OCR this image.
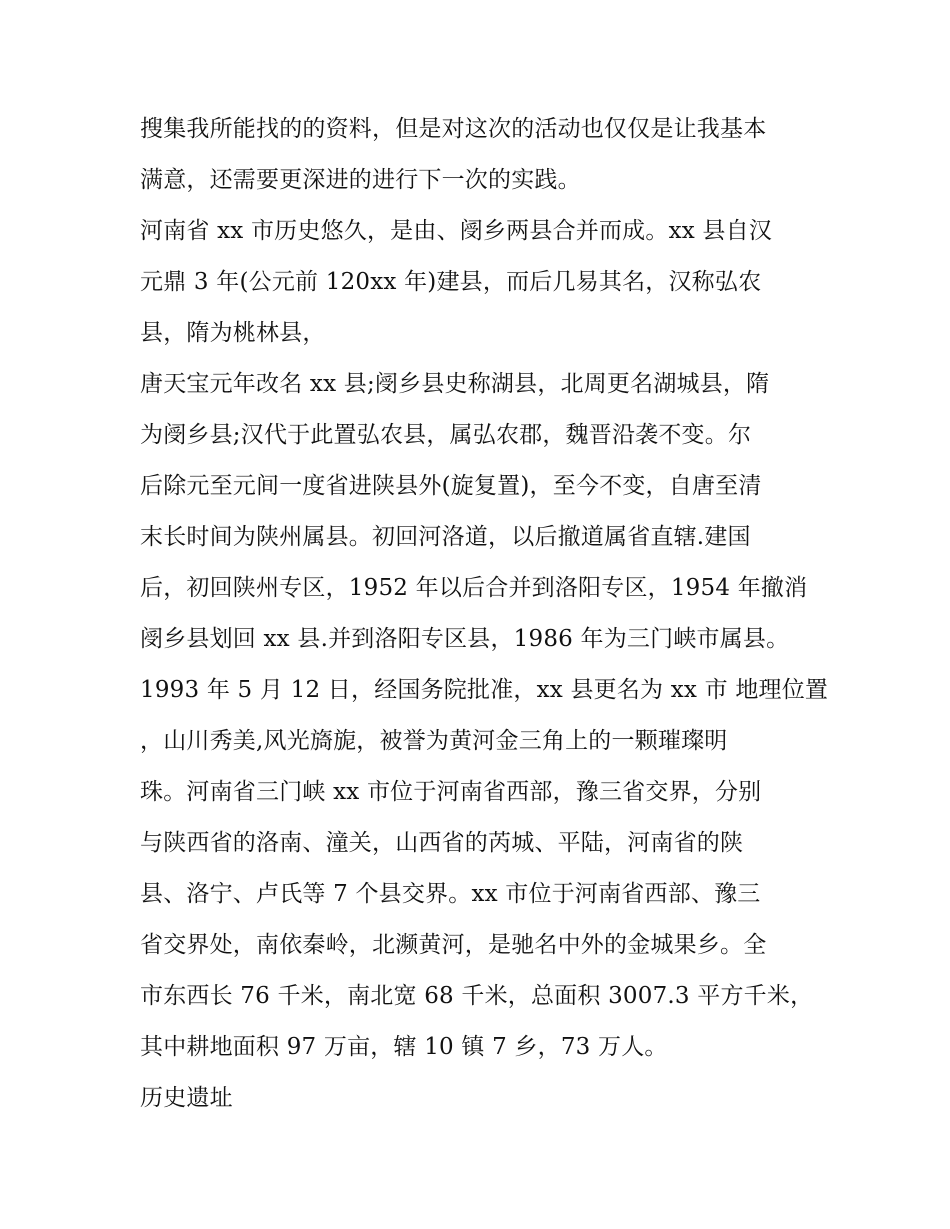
搜集我所能找的的资料，但是对这次的活动也仅仅是让我基本
满意，还需要更深进的进行下一次的实践。
河南省 xx 市历史悠久，是由、阌乡两县合并而成。xx 县自汉
元鼎 3 年(公元前 120xx 年)建县，而后几易其名，汉称弘农
县，隋为桃林县，
唐天宝元年改名 xx 县;阌乡县史称湖县，北周更名湖城县，隋
为阌乡县;汉代于此置弘农县，属弘农郡，魏晋沿袭不变。尔
后除元至元间一度省进陕县外(旋复置)，至今不变，自唐至清
末长时间为陕州属县。初回河洛道，以后撤道属省直辖.建国
后，初回陕州专区，1952 年以后合并到洛阳专区，1954 年撤消
阌乡县划回 xx 县.并到洛阳专区县，1986 年为三门峡市属县。
1993 年 5 月 12 日，经国务院批准，xx 县更名为 xx 市 地理位置
，山川秀美,风光旖旎，被誉为黄河金三角上的一颗璀璨明
珠。河南省三门峡 xx 市位于河南省西部，豫三省交界，分别
与陕西省的洛南、潼关，山西省的芮城、平陆，河南省的陕
县、洛宁、卢氏等 7 个县交界。xx 市位于河南省西部、豫三
省交界处，南依秦岭，北濒黄河，是驰名中外的金城果乡。全
市东西长 76 千米，南北宽 68 千米，总面积 3007.3 平方千米，
其中耕地面积 97 万亩，辖 10 镇 7 乡，73 万人。
历史遗址
